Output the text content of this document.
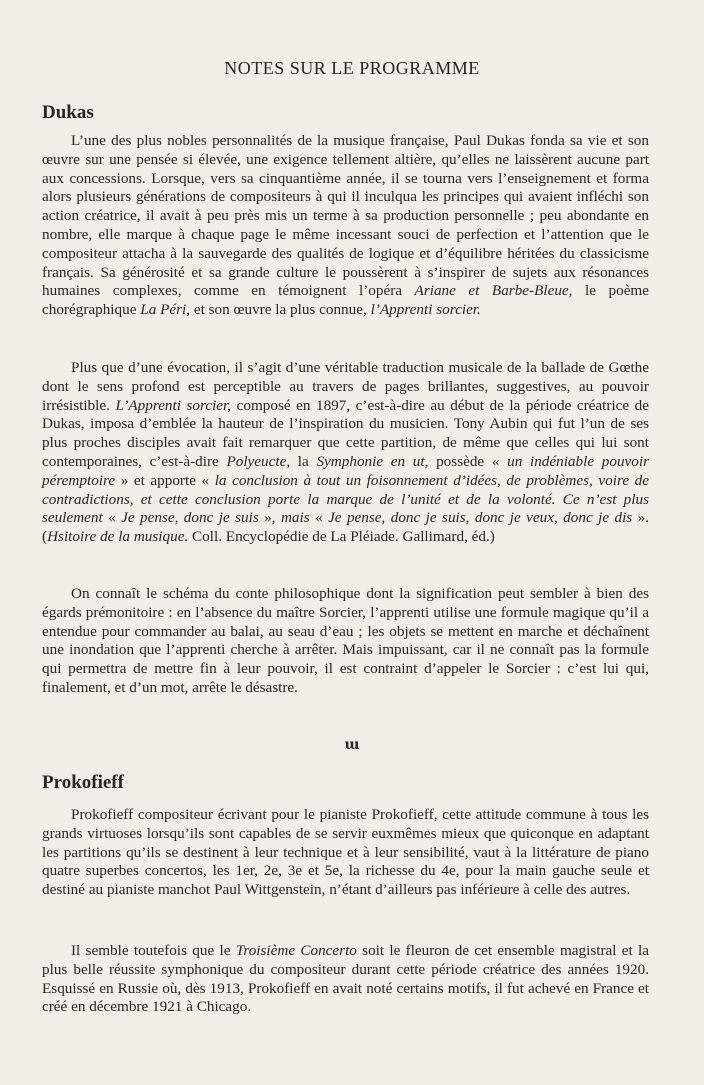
NOTES SUR LE PROGRAMME
Dukas

L’une des plus nobles personnalités de la musique française, Paul Dukas fonda sa vie et son œuvre sur une pensée si élevée, une exigence tellement altière, qu’elles ne laissèrent aucune part aux concessions. Lorsque, vers sa cinquantième année, il se tourna vers l’enseignement et forma alors plusieurs générations de compositeurs à qui il inculqua les principes qui avaient infléchi son action créatrice, il avait à peu près mis un terme à sa production personnelle ; peu abondante en nombre, elle marque à chaque page le même incessant souci de perfection et l’attention que le compositeur attacha à la sauvegarde des qualités de logique et d’équilibre héritées du classicisme français. Sa générosité et sa grande culture le poussèrent à s’inspirer de sujets aux résonances humaines complexes, comme en témoignent l’opéra Ariane et Barbe-Bleue, le poème chorégraphique La Péri, et son œuvre la plus connue, l’Apprenti sorcier.

Plus que d’une évocation, il s’agit d’une véritable traduction musicale de la ballade de Gœthe dont le sens profond est perceptible au travers de pages brillantes, suggestives, au pouvoir irrésistible. L’Apprenti sorcier, composé en 1897, c’est-à-dire au début de la période créatrice de Dukas, imposa d’emblée la hauteur de l’inspiration du musicien. Tony Aubin qui fut l’un de ses plus proches disciples avait fait remarquer que cette partition, de même que celles qui lui sont contemporaines, c’est-à-dire Polyeucte, la Symphonie en ut, possède « un indéniable pouvoir péremptoire » et apporte « la conclusion à tout un foisonnement d’idées, de problèmes, voire de contradictions, et cette conclusion porte la marque de l’unité et de la volonté. Ce n’est plus seulement « Je pense, donc je suis », mais « Je pense, donc je suis, donc je veux, donc je dis ». (Hsitoire de la musique. Coll. Encyclopédie de La Pléiade. Gallimard, éd.)

On connaît le schéma du conte philosophique dont la signification peut sembler à bien des égards prémonitoire : en l’absence du maître Sorcier, l’apprenti utilise une formule magique qu’il a entendue pour commander au balai, au seau d’eau ; les objets se mettent en marche et déchaînent une inondation que l’apprenti cherche à arrêter. Mais impuissant, car il ne connaît pas la formule qui permettra de mettre fin à leur pouvoir, il est contraint d’appeler le Sorcier : c’est lui qui, finalement, et d’un mot, arrête le désastre.

ɯ
Prokofieff

Prokofieff compositeur écrivant pour le pianiste Prokofieff, cette attitude commune à tous les grands virtuoses lorsqu’ils sont capables de se servir euxmêmes mieux que quiconque en adaptant les partitions qu’ils se destinent à leur technique et à leur sensibilité, vaut à la littérature de piano quatre superbes concertos, les 1er, 2e, 3e et 5e, la richesse du 4e, pour la main gauche seule et destiné au pianiste manchot Paul Wittgenstein, n’étant d’ailleurs pas inférieure à celle des autres.

Il semble toutefois que le Troisième Concerto soit le fleuron de cet ensemble magistral et la plus belle réussite symphonique du compositeur durant cette période créatrice des années 1920. Esquissé en Russie où, dès 1913, Prokofieff en avait noté certains motifs, il fut achevé en France et créé en décembre 1921 à Chicago.
